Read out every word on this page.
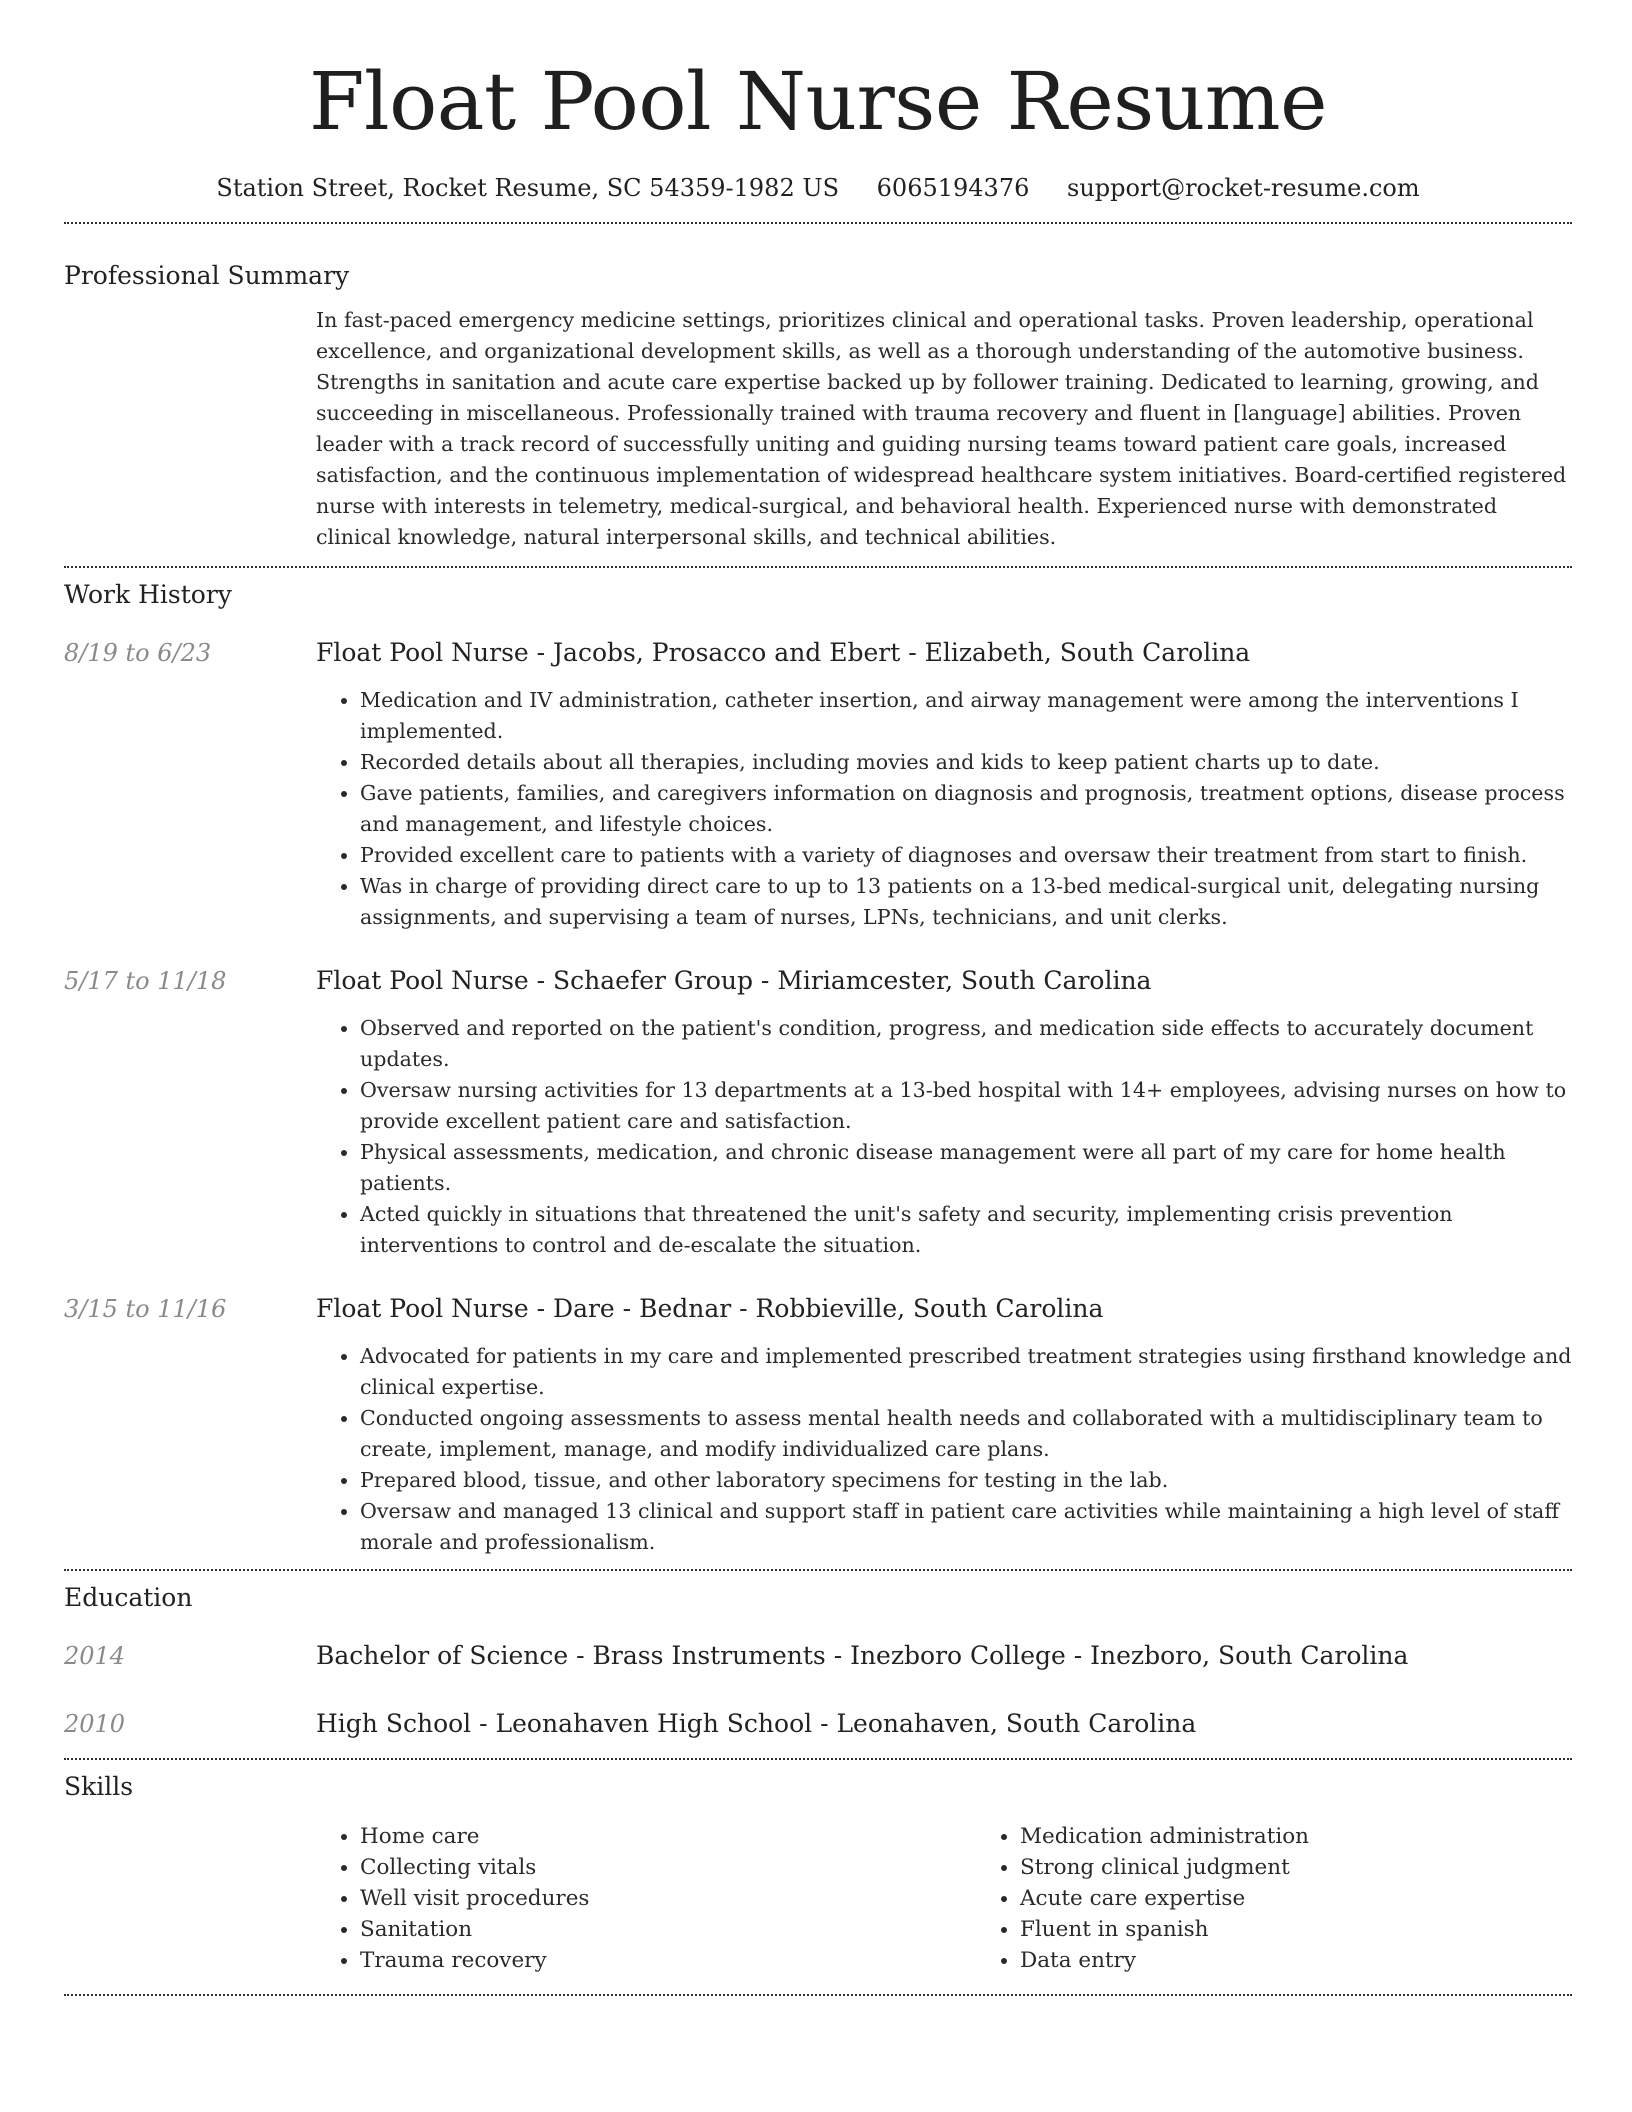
Float Pool Nurse Resume
Station Street, Rocket Resume, SC 54359-1982 US 6065194376 support@rocket-resume.com
Professional Summary

In fast-paced emergency medicine settings, prioritizes clinical and operational tasks. Proven leadership, operational excellence, and organizational development skills, as well as a thorough understanding of the automotive business. Strengths in sanitation and acute care expertise backed up by follower training. Dedicated to learning, growing, and succeeding in miscellaneous. Professionally trained with trauma recovery and fluent in [language] abilities. Proven leader with a track record of successfully uniting and guiding nursing teams toward patient care goals, increased satisfaction, and the continuous implementation of widespread healthcare system initiatives. Board-certified registered nurse with interests in telemetry, medical-surgical, and behavioral health. Experienced nurse with demonstrated clinical knowledge, natural interpersonal skills, and technical abilities.

Work History
8/19 to 6/23	Float Pool Nurse - Jacobs, Prosacco and Ebert - Elizabeth, South Carolina
• Medication and IV administration, catheter insertion, and airway management were among the interventions I implemented.
• Recorded details about all therapies, including movies and kids to keep patient charts up to date.
• Gave patients, families, and caregivers information on diagnosis and prognosis, treatment options, disease process and management, and lifestyle choices.
• Provided excellent care to patients with a variety of diagnoses and oversaw their treatment from start to finish.
• Was in charge of providing direct care to up to 13 patients on a 13-bed medical-surgical unit, delegating nursing assignments, and supervising a team of nurses, LPNs, technicians, and unit clerks.
5/17 to 11/18	Float Pool Nurse - Schaefer Group - Miriamcester, South Carolina
• Observed and reported on the patient's condition, progress, and medication side effects to accurately document updates.
• Oversaw nursing activities for 13 departments at a 13-bed hospital with 14+ employees, advising nurses on how to provide excellent patient care and satisfaction.
• Physical assessments, medication, and chronic disease management were all part of my care for home health patients.
• Acted quickly in situations that threatened the unit's safety and security, implementing crisis prevention interventions to control and de-escalate the situation.
3/15 to 11/16	Float Pool Nurse - Dare - Bednar - Robbieville, South Carolina
• Advocated for patients in my care and implemented prescribed treatment strategies using firsthand knowledge and clinical expertise.
• Conducted ongoing assessments to assess mental health needs and collaborated with a multidisciplinary team to create, implement, manage, and modify individualized care plans.
• Prepared blood, tissue, and other laboratory specimens for testing in the lab.
• Oversaw and managed 13 clinical and support staff in patient care activities while maintaining a high level of staff morale and professionalism.
Education
2014	Bachelor of Science - Brass Instruments - Inezboro College - Inezboro, South Carolina
2010	High School - Leonahaven High School - Leonahaven, South Carolina
Skills
• Home care
• Collecting vitals
• Well visit procedures
• Sanitation
• Trauma recovery
• Medication administration
• Strong clinical judgment
• Acute care expertise
• Fluent in spanish
• Data entry
